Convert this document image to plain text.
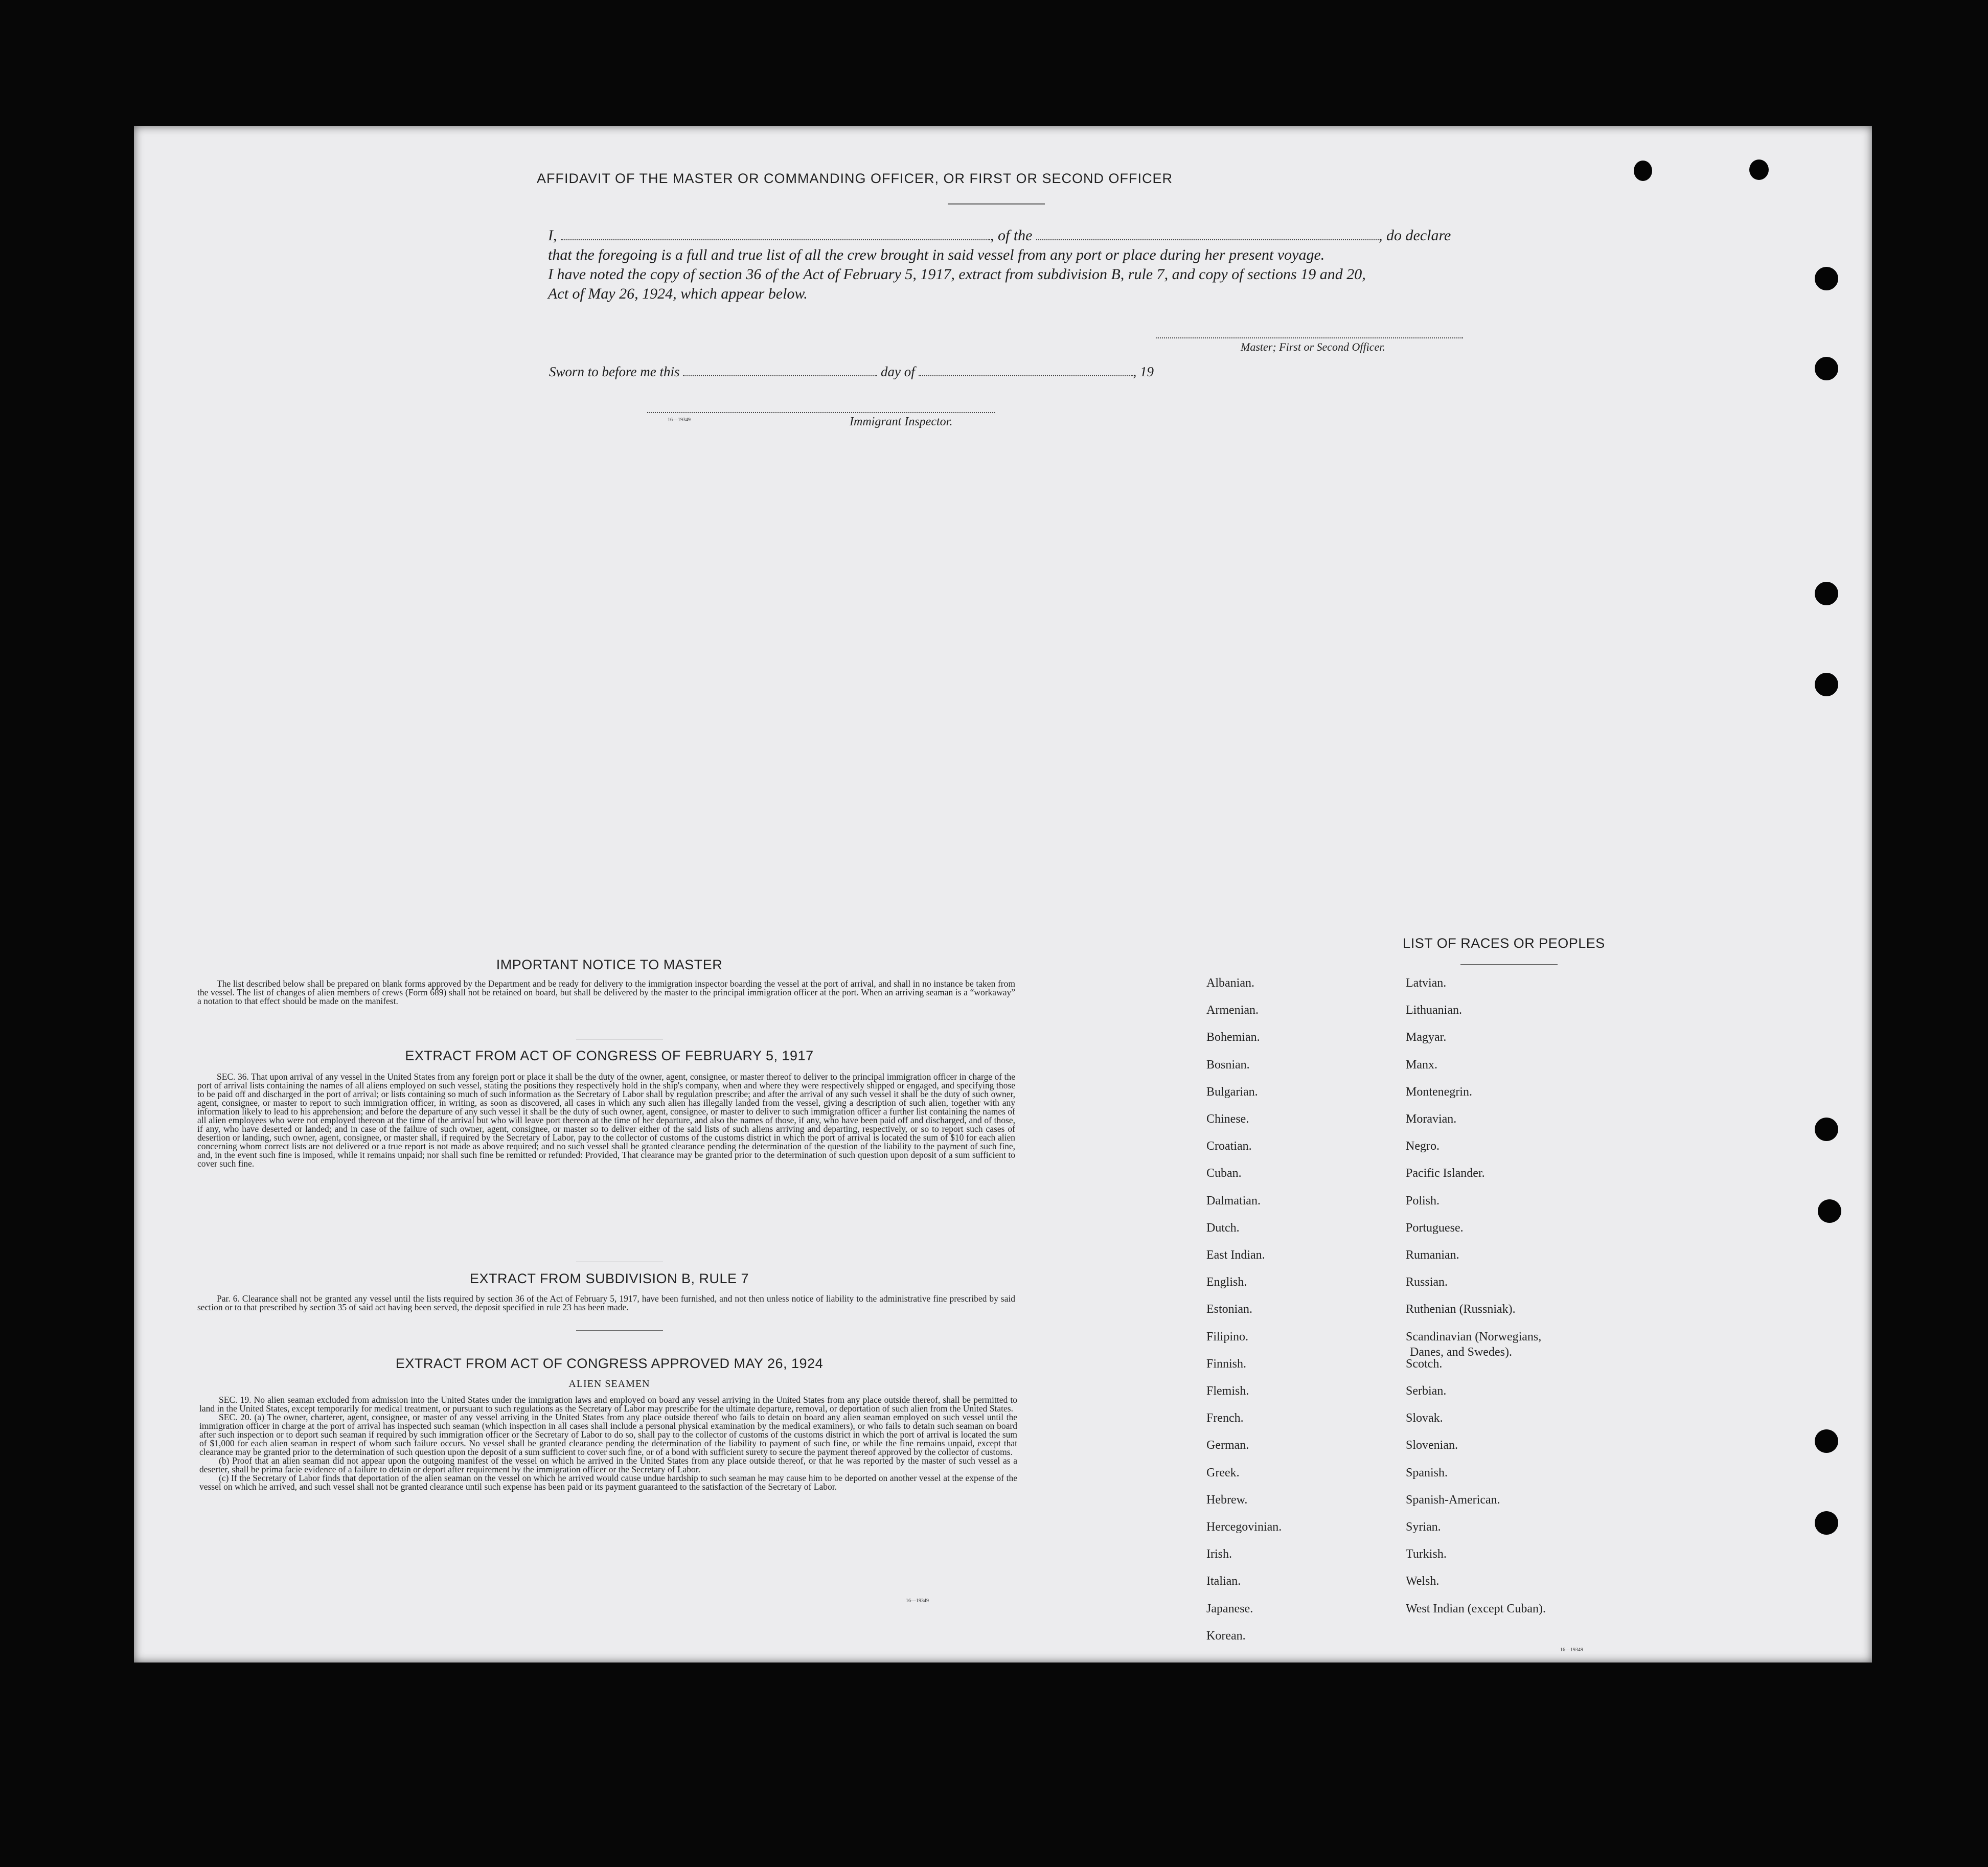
AFFIDAVIT OF THE MASTER OR COMMANDING OFFICER, OR FIRST OR SECOND OFFICER
I,	, of the	, do declare
that the foregoing is a full and true list of all the crew brought in said vessel from any port or place during her present voyage.
I have noted the copy of section 36 of the Act of February 5, 1917, extract from subdivision B, rule 7, and copy of sections 19 and 20,
Act of May 26, 1924, which appear below.
Master; First or Second Officer.
Sworn to before me this	day of	, 19
16—19349	Immigrant Inspector.
IMPORTANT NOTICE TO MASTER

The list described below shall be prepared on blank forms approved by the Department and be ready for delivery to the immigration inspector boarding the vessel at the port of arrival, and shall in no instance be taken from the vessel. The list of changes of alien members of crews (Form 689) shall not be retained on board, but shall be delivered by the master to the principal immigration officer at the port. When an arriving seaman is a “workaway” a notation to that effect should be made on the manifest.

EXTRACT FROM ACT OF CONGRESS OF FEBRUARY 5, 1917

SEC. 36. That upon arrival of any vessel in the United States from any foreign port or place it shall be the duty of the owner, agent, consignee, or master thereof to deliver to the principal immigration officer in charge of the port of arrival lists containing the names of all aliens employed on such vessel, stating the positions they respectively hold in the ship's company, when and where they were respectively shipped or engaged, and specifying those to be paid off and discharged in the port of arrival; or lists containing so much of such information as the Secretary of Labor shall by regulation prescribe; and after the arrival of any such vessel it shall be the duty of such owner, agent, consignee, or master to report to such immigration officer, in writing, as soon as discovered, all cases in which any such alien has illegally landed from the vessel, giving a description of such alien, together with any information likely to lead to his apprehension; and before the departure of any such vessel it shall be the duty of such owner, agent, consignee, or master to deliver to such immigration officer a further list containing the names of all alien employees who were not employed thereon at the time of the arrival but who will leave port thereon at the time of her departure, and also the names of those, if any, who have been paid off and discharged, and of those, if any, who have deserted or landed; and in case of the failure of such owner, agent, consignee, or master so to deliver either of the said lists of such aliens arriving and departing, respectively, or so to report such cases of desertion or landing, such owner, agent, consignee, or master shall, if required by the Secretary of Labor, pay to the collector of customs of the customs district in which the port of arrival is located the sum of $10 for each alien concerning whom correct lists are not delivered or a true report is not made as above required; and no such vessel shall be granted clearance pending the determination of the question of the liability to the payment of such fine, and, in the event such fine is imposed, while it remains unpaid; nor shall such fine be remitted or refunded: Provided, That clearance may be granted prior to the determination of such question upon deposit of a sum sufficient to cover such fine.

EXTRACT FROM SUBDIVISION B, RULE 7

Par. 6. Clearance shall not be granted any vessel until the lists required by section 36 of the Act of February 5, 1917, have been furnished, and not then unless notice of liability to the administrative fine prescribed by said section or to that prescribed by section 35 of said act having been served, the deposit specified in rule 23 has been made.

EXTRACT FROM ACT OF CONGRESS APPROVED MAY 26, 1924
ALIEN SEAMEN

SEC. 19. No alien seaman excluded from admission into the United States under the immigration laws and employed on board any vessel arriving in the United States from any place outside thereof, shall be permitted to land in the United States, except temporarily for medical treatment, or pursuant to such regulations as the Secretary of Labor may prescribe for the ultimate departure, removal, or deportation of such alien from the United States.

SEC. 20. (a) The owner, charterer, agent, consignee, or master of any vessel arriving in the United States from any place outside thereof who fails to detain on board any alien seaman employed on such vessel until the immigration officer in charge at the port of arrival has inspected such seaman (which inspection in all cases shall include a personal physical examination by the medical examiners), or who fails to detain such seaman on board after such inspection or to deport such seaman if required by such immigration officer or the Secretary of Labor to do so, shall pay to the collector of customs of the customs district in which the port of arrival is located the sum of $1,000 for each alien seaman in respect of whom such failure occurs. No vessel shall be granted clearance pending the determination of the liability to payment of such fine, or while the fine remains unpaid, except that clearance may be granted prior to the determination of such question upon the deposit of a sum sufficient to cover such fine, or of a bond with sufficient surety to secure the payment thereof approved by the collector of customs.

(b) Proof that an alien seaman did not appear upon the outgoing manifest of the vessel on which he arrived in the United States from any place outside thereof, or that he was reported by the master of such vessel as a deserter, shall be prima facie evidence of a failure to detain or deport after requirement by the immigration officer or the Secretary of Labor.

(c) If the Secretary of Labor finds that deportation of the alien seaman on the vessel on which he arrived would cause undue hardship to such seaman he may cause him to be deported on another vessel at the expense of the vessel on which he arrived, and such vessel shall not be granted clearance until such expense has been paid or its payment guaranteed to the satisfaction of the Secretary of Labor.

16—19349
LIST OF RACES OR PEOPLES
16—19349
Albanian.
Armenian.
Bohemian.
Bosnian.
Bulgarian.
Chinese.
Croatian.
Cuban.
Dalmatian.
Dutch.
East Indian.
English.
Estonian.
Filipino.
Finnish.
Flemish.
French.
German.
Greek.
Hebrew.
Hercegovinian.
Irish.
Italian.
Japanese.
Korean.
Latvian.
Lithuanian.
Magyar.
Manx.
Montenegrin.
Moravian.
Negro.
Pacific Islander.
Polish.
Portuguese.
Rumanian.
Russian.
Ruthenian (Russniak).
Scandinavian (Norwegians,
Danes, and Swedes).
Scotch.
Serbian.
Slovak.
Slovenian.
Spanish.
Spanish-American.
Syrian.
Turkish.
Welsh.
West Indian (except Cuban).
